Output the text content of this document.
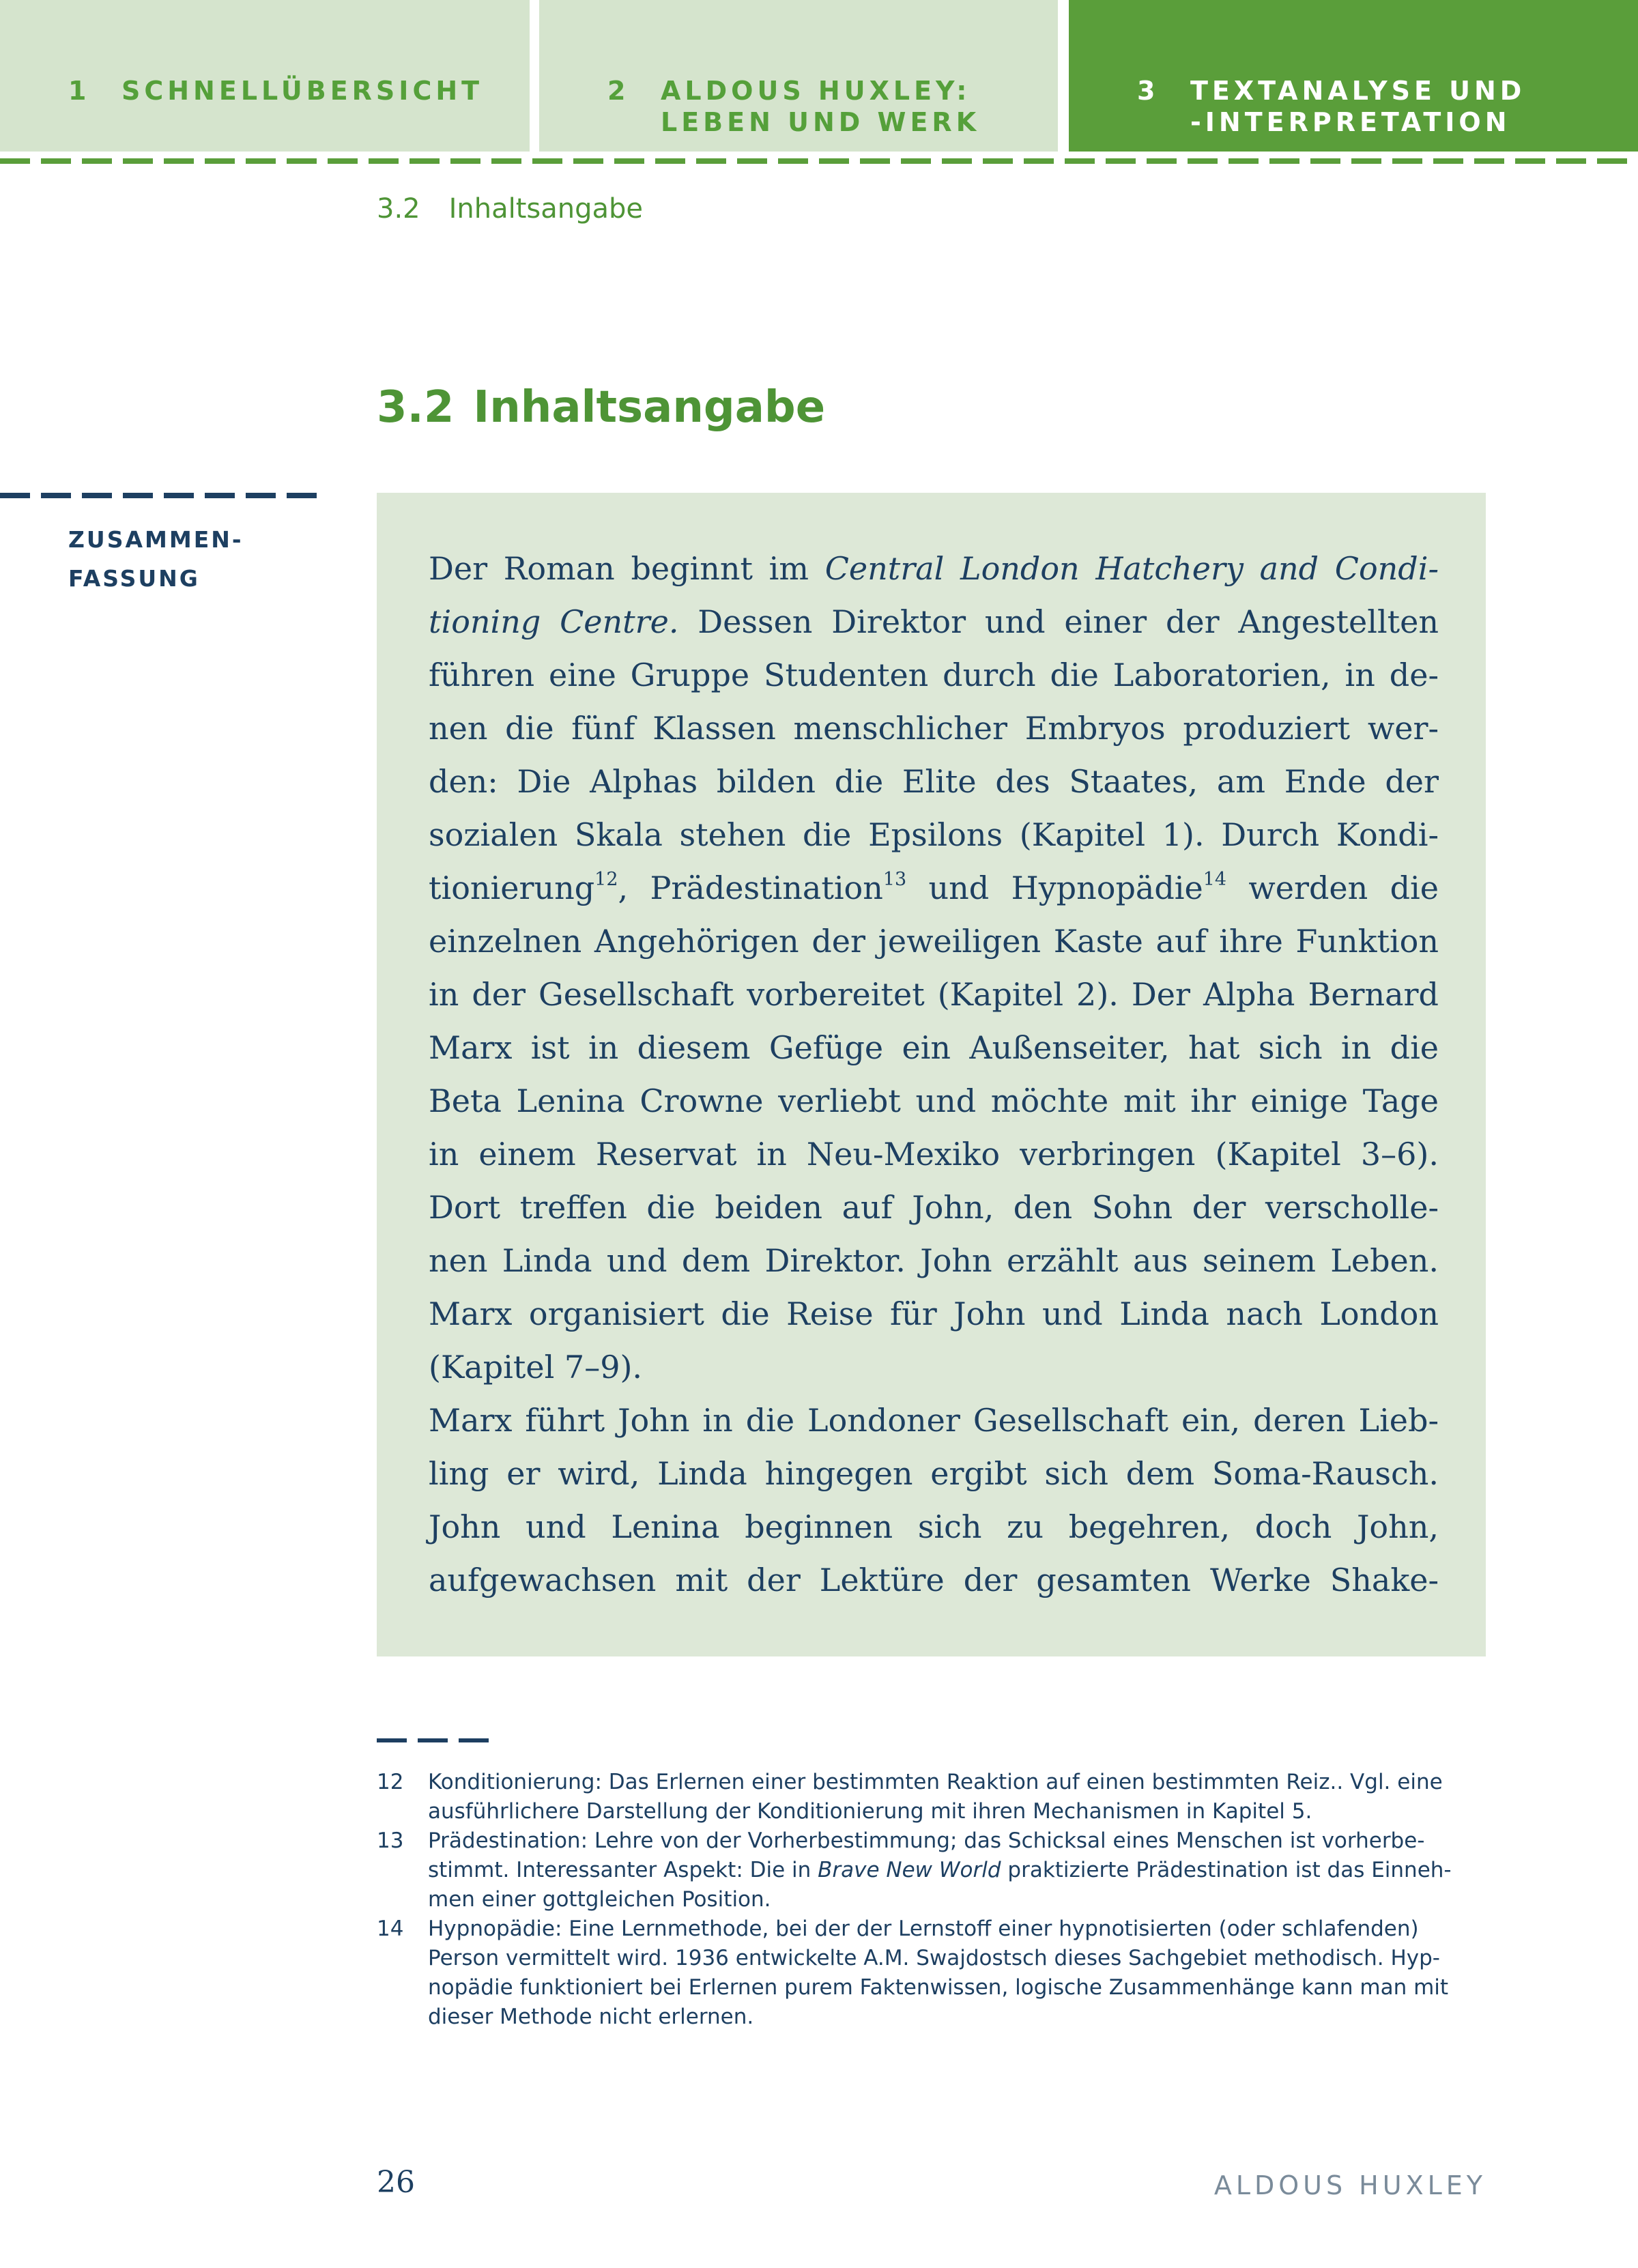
1 SCHNELLÜBERSICHT	2 ALDOUS HUXLEY:
LEBEN UND WERK
3 TEXTANALYSE UND
-INTERPRETATION
3.2 Inhaltsangabe
3.2 Inhaltsangabe
ZUSAMMEN-
FASSUNG	Der Roman beginnt im Central London Hatchery and Condi-
tioning Centre. Dessen Direktor und einer der Angestellten
führen eine Gruppe Studenten durch die Laboratorien, in de-
nen die fünf Klassen menschlicher Embryos produziert wer-
den: Die Alphas bilden die Elite des Staates, am Ende der
sozialen Skala stehen die Epsilons (Kapitel 1). Durch Kondi-
tionierung$^{12}$, Prädestination$^{13}$ und Hypnopädie$^{14}$ werden die
einzelnen Angehörigen der jeweiligen Kaste auf ihre Funktion
in der Gesellschaft vorbereitet (Kapitel 2). Der Alpha Bernard
Marx ist in diesem Gefüge ein Außenseiter, hat sich in die
Beta Lenina Crowne verliebt und möchte mit ihr einige Tage
in einem Reservat in Neu-Mexiko verbringen (Kapitel 3–6).
Dort treffen die beiden auf John, den Sohn der verscholle-
nen Linda und dem Direktor. John erzählt aus seinem Leben.
Marx organisiert die Reise für John und Linda nach London
(Kapitel 7–9).
Marx führt John in die Londoner Gesellschaft ein, deren Lieb-
ling er wird, Linda hingegen ergibt sich dem Soma-Rausch.
John und Lenina beginnen sich zu begehren, doch John,
aufgewachsen mit der Lektüre der gesamten Werke Shake-
12 Konditionierung: Das Erlernen einer bestimmten Reaktion auf einen bestimmten Reiz.. Vgl. eine
ausführlichere Darstellung der Konditionierung mit ihren Mechanismen in Kapitel 5.
13 Prädestination: Lehre von der Vorherbestimmung; das Schicksal eines Menschen ist vorherbe-
stimmt. Interessanter Aspekt: Die in Brave New World praktizierte Prädestination ist das Einneh-
men einer gottgleichen Position.
14 Hypnopädie: Eine Lernmethode, bei der der Lernstoff einer hypnotisierten (oder schlafenden)
Person vermittelt wird. 1936 entwickelte A.M. Swajdostsch dieses Sachgebiet methodisch. Hyp-
nopädie funktioniert bei Erlernen purem Faktenwissen, logische Zusammenhänge kann man mit
dieser Methode nicht erlernen.
26	ALDOUS HUXLEY
